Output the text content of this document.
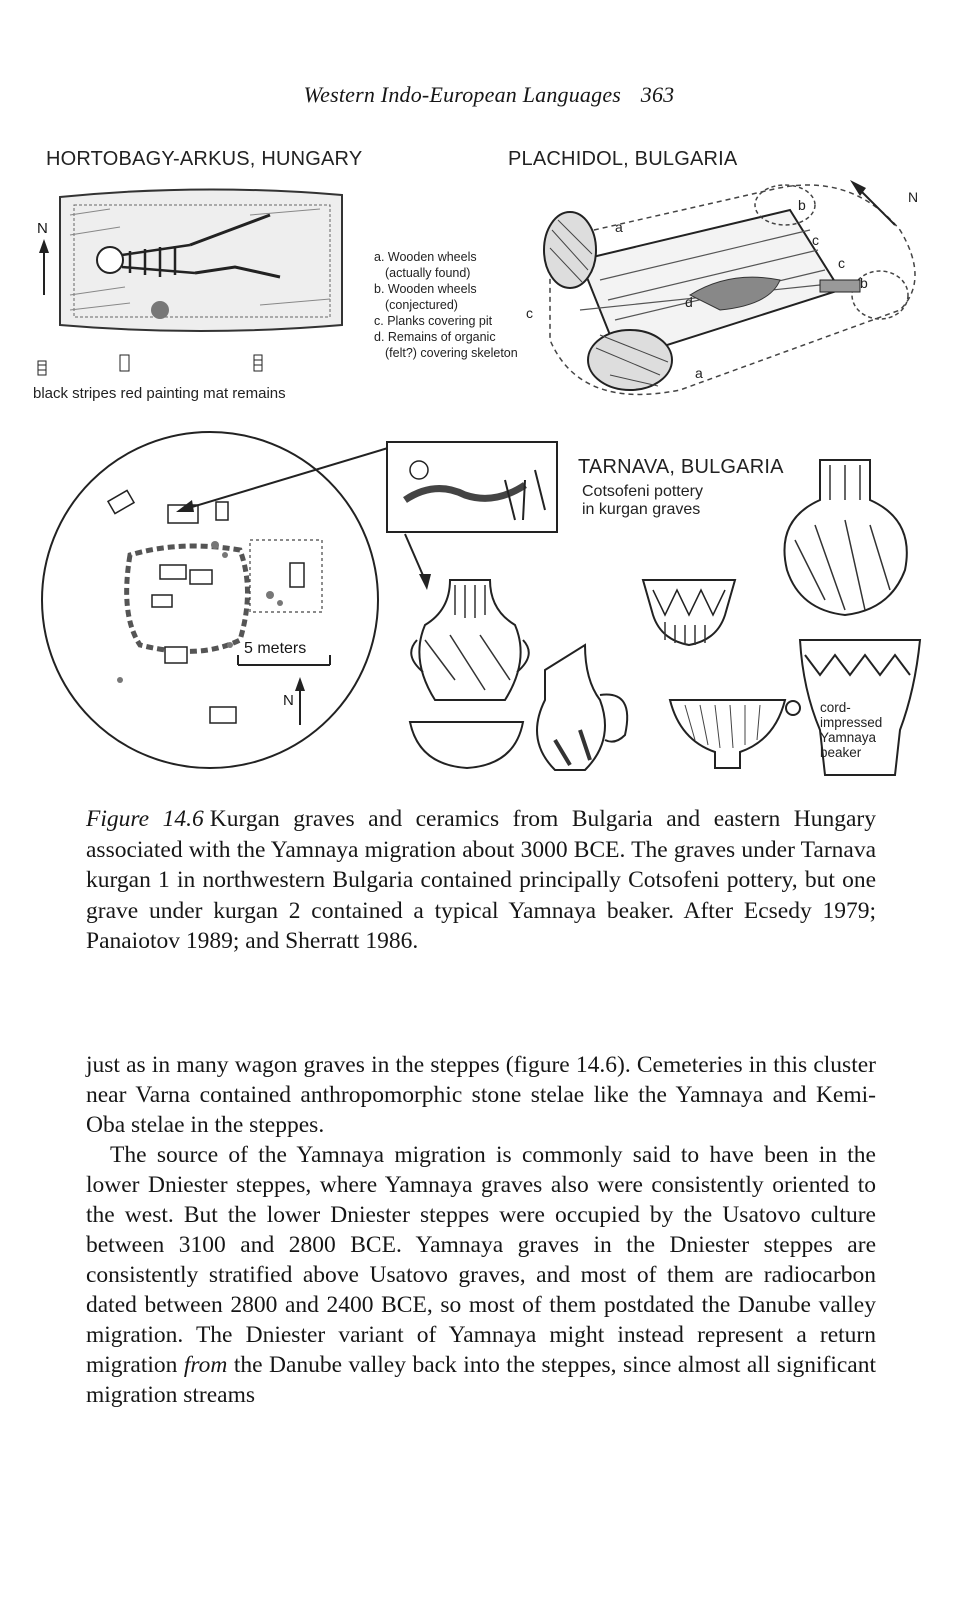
Western Indo-European Languages 363
HORTOBAGY-ARKUS, HUNGARY
N
black stripes red painting mat remains
PLACHIDOL, BULGARIA
a. Wooden wheels
(actually found)
b. Wooden wheels
(conjectured)
c. Planks covering pit
d. Remains of organic
(felt?) covering skeleton
a
a
b
b
c
c
c
d
N
5 meters
N
TARNAVA, BULGARIA
Cotsofeni pottery
in kurgan graves
cord-
impressed
Yamnaya
beaker
Figure 14.6 Kurgan graves and ceramics from Bulgaria and eastern Hungary associated with the Yamnaya migration about 3000 BCE. The graves under Tarnava kurgan 1 in northwestern Bulgaria contained principally Cotsofeni pottery, but one grave under kurgan 2 contained a typical Yamnaya beaker. After Ecsedy 1979; Panaiotov 1989; and Sherratt 1986.

just as in many wagon graves in the steppes (figure 14.6). Cemeteries in this cluster near Varna contained anthropomorphic stone stelae like the Yamnaya and Kemi-Oba stelae in the steppes.

The source of the Yamnaya migration is commonly said to have been in the lower Dniester steppes, where Yamnaya graves also were consistently oriented to the west. But the lower Dniester steppes were occupied by the Usatovo culture between 3100 and 2800 BCE. Yamnaya graves in the Dniester steppes are consistently stratified above Usatovo graves, and most of them are radiocarbon dated between 2800 and 2400 BCE, so most of them postdated the Danube valley migration. The Dniester variant of Yamnaya might instead represent a return migration from the Danube valley back into the steppes, since almost all significant migration streams
